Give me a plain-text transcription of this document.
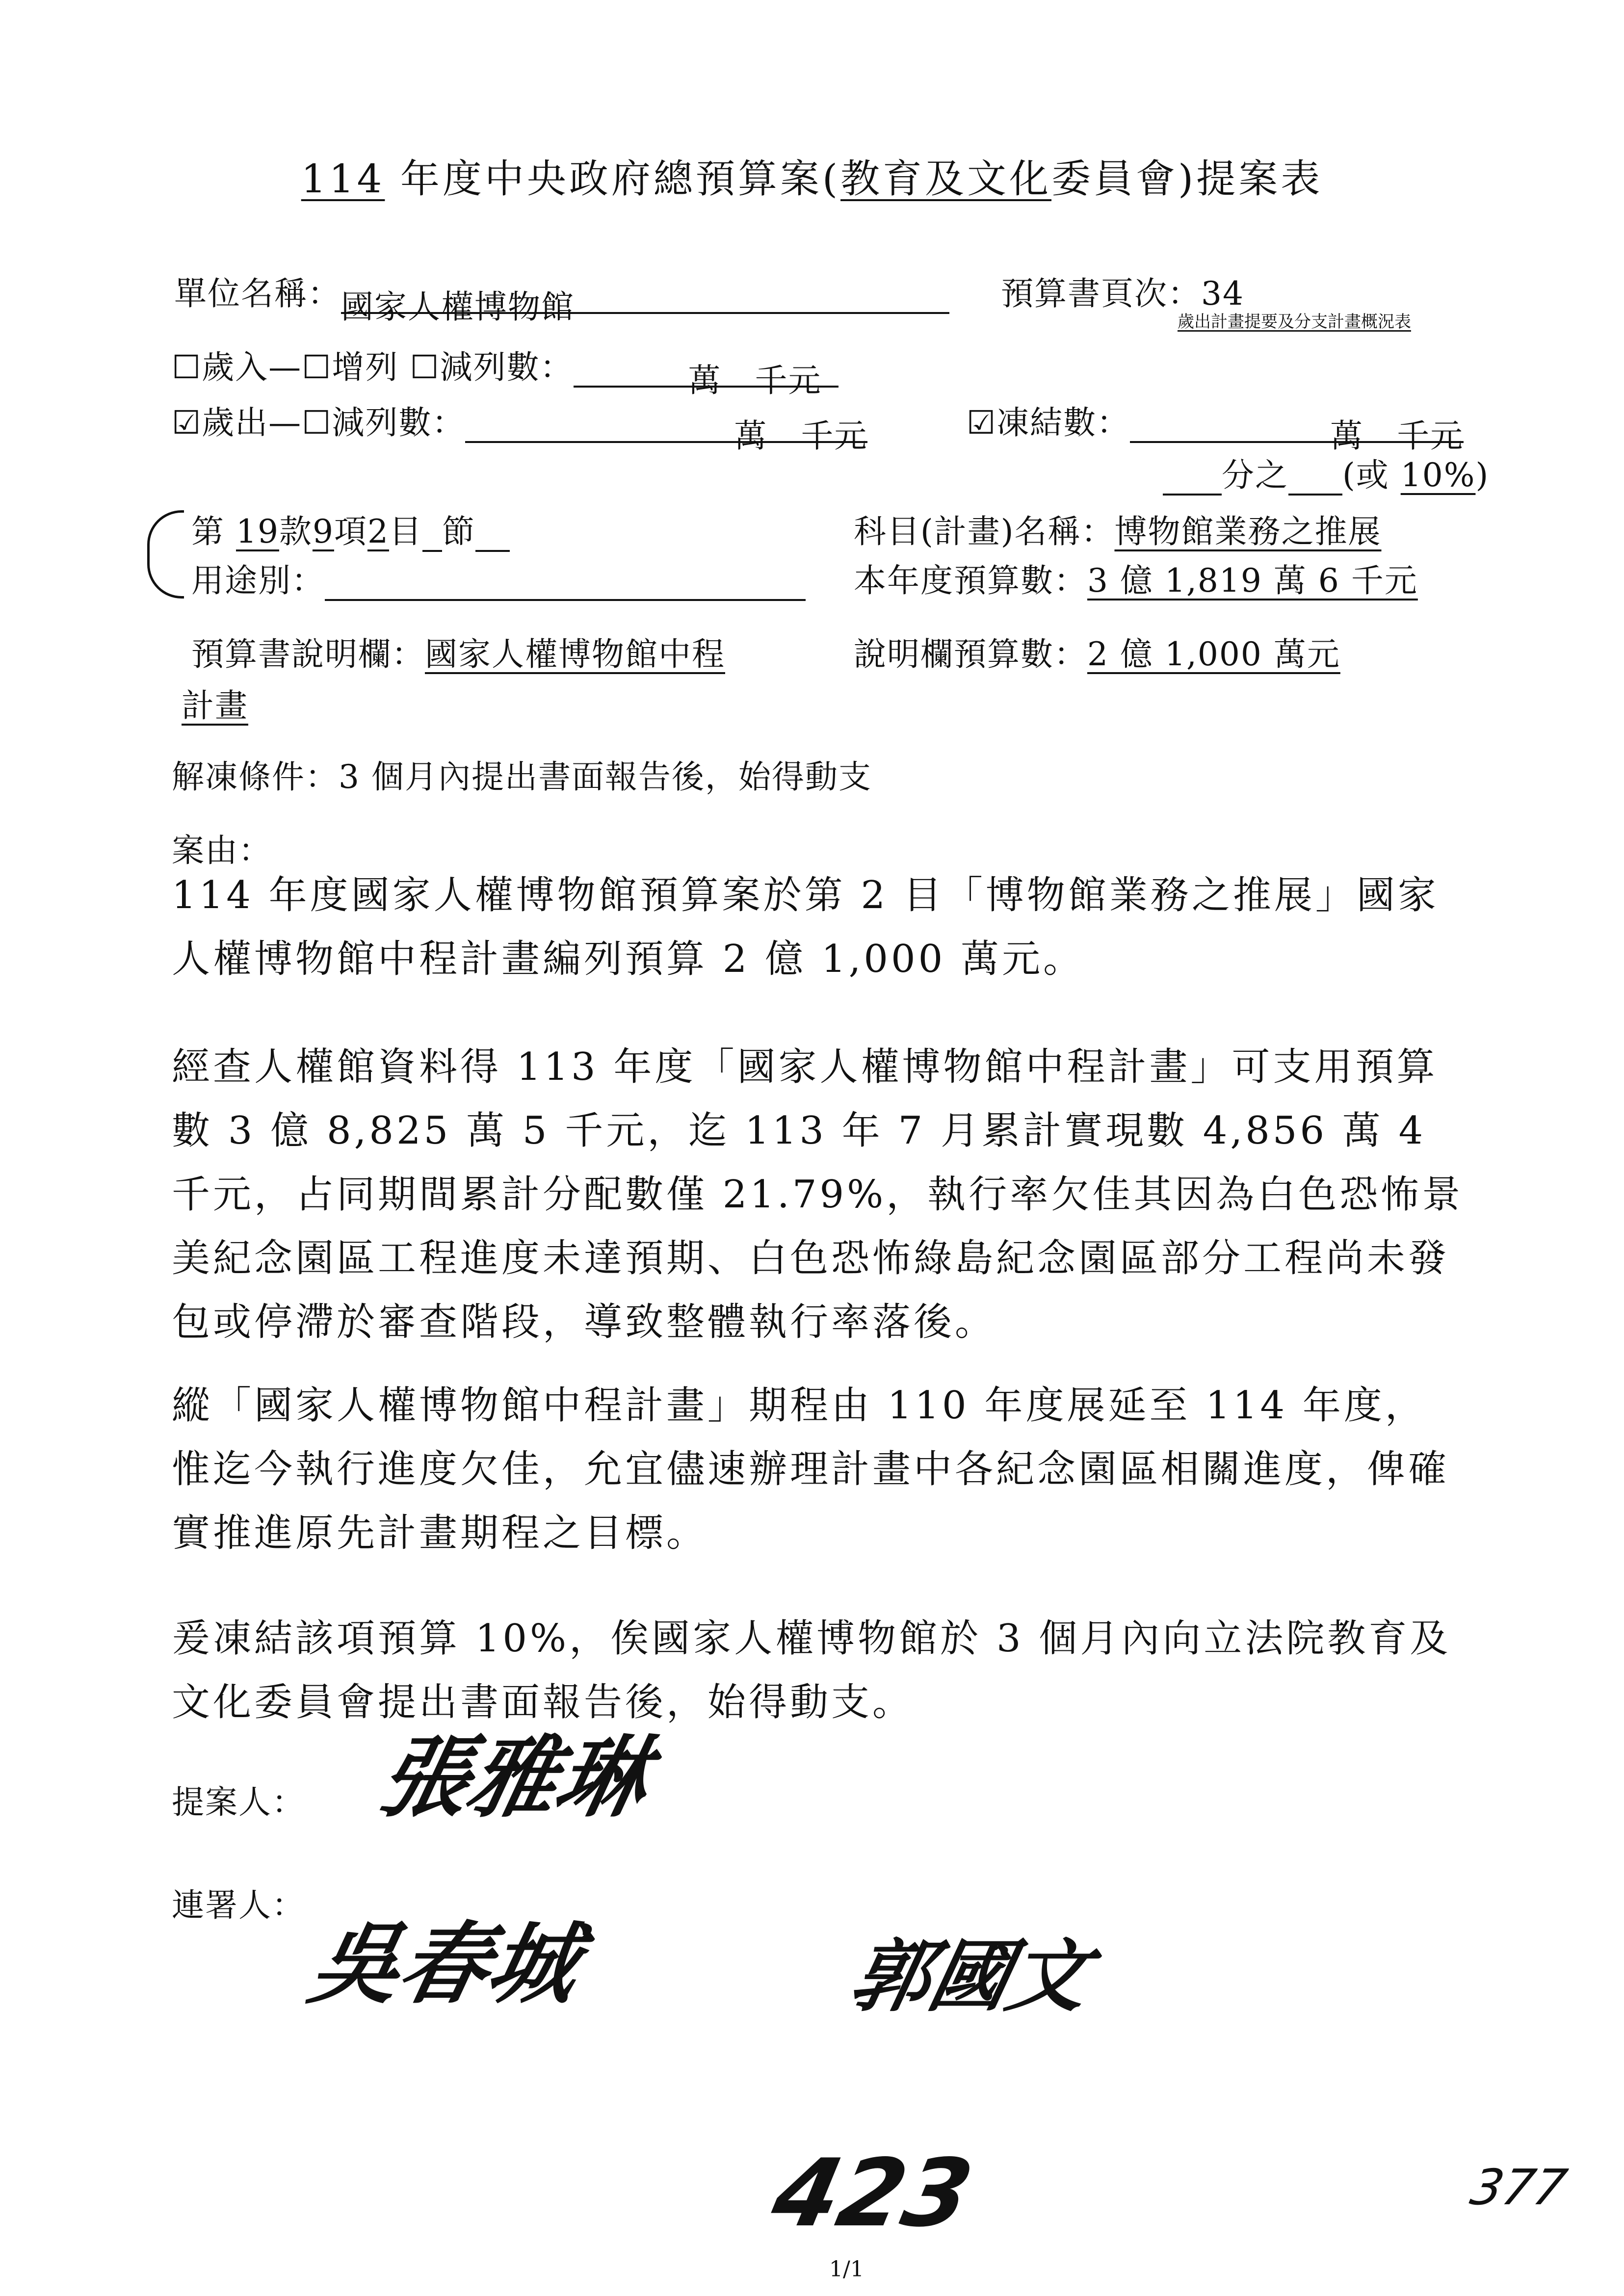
114 年度中央政府總預算案(教育及文化委員會)提案表
單位名稱：國家人權博物館	預算書頁次：34
歲出計畫提要及分支計畫概況表
☐歲入—☐增列 ☐減列數：	萬　千元
☑歲出—☐減列數：	萬　千元	☑凍結數：	萬　千元
分之 (或 10%)
第 19款9項2目 節	科目(計畫)名稱：博物館業務之推展
用途別：	本年度預算數：3 億 1,819 萬 6 千元
預算書說明欄：國家人權博物館中程
計畫
說明欄預算數：2 億 1,000 萬元
解凍條件：3 個月內提出書面報告後，始得動支
案由：
114 年度國家人權博物館預算案於第 2 目「博物館業務之推展」國家人權博物館中程計畫編列預算 2 億 1,000 萬元。
經查人權館資料得 113 年度「國家人權博物館中程計畫」可支用預算數 3 億 8,825 萬 5 千元，迄 113 年 7 月累計實現數 4,856 萬 4 千元，占同期間累計分配數僅 21.79%，執行率欠佳其因為白色恐怖景美紀念園區工程進度未達預期、白色恐怖綠島紀念園區部分工程尚未發包或停滯於審查階段，導致整體執行率落後。
縱「國家人權博物館中程計畫」期程由 110 年度展延至 114 年度，惟迄今執行進度欠佳，允宜儘速辦理計畫中各紀念園區相關進度，俾確實推進原先計畫期程之目標。
爰凍結該項預算 10%，俟國家人權博物館於 3 個月內向立法院教育及文化委員會提出書面報告後，始得動支。
提案人： 張雅琳
連署人：
吳春城	郭國文
423	377
1/1
